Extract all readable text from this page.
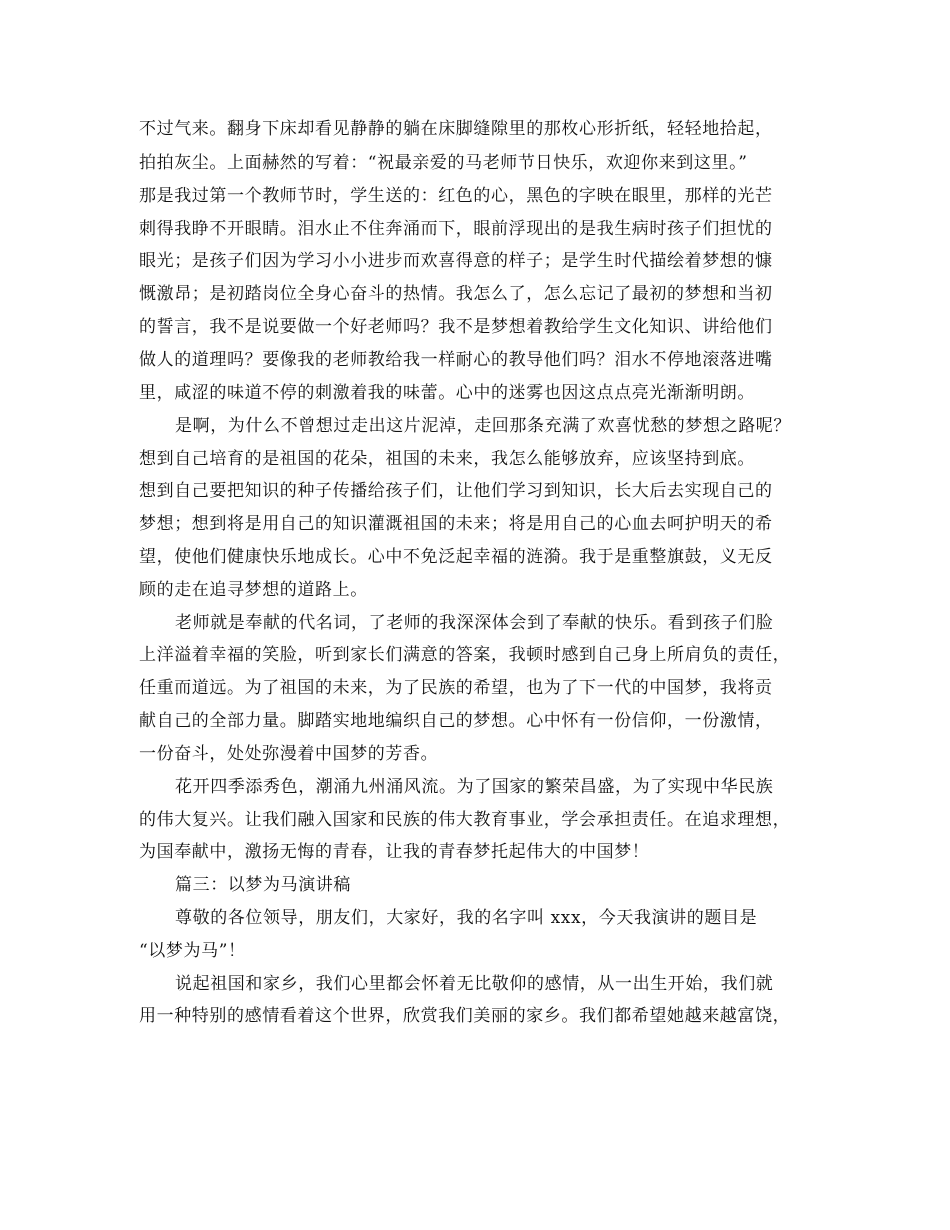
不过气来。翻身下床却看见静静的躺在床脚缝隙里的那枚心形折纸，轻轻地拾起，

拍拍灰尘。上面赫然的写着：“祝最亲爱的马老师节日快乐，欢迎你来到这里。”

那是我过第一个教师节时，学生送的：红色的心，黑色的字映在眼里，那样的光芒

刺得我睁不开眼睛。泪水止不住奔涌而下，眼前浮现出的是我生病时孩子们担忧的

眼光；是孩子们因为学习小小进步而欢喜得意的样子；是学生时代描绘着梦想的慷

慨激昂；是初踏岗位全身心奋斗的热情。我怎么了，怎么忘记了最初的梦想和当初

的誓言，我不是说要做一个好老师吗？我不是梦想着教给学生文化知识、讲给他们

做人的道理吗？要像我的老师教给我一样耐心的教导他们吗？泪水不停地滚落进嘴

里，咸涩的味道不停的刺激着我的味蕾。心中的迷雾也因这点点亮光渐渐明朗。

是啊，为什么不曾想过走出这片泥淖，走回那条充满了欢喜忧愁的梦想之路呢？

想到自己培育的是祖国的花朵，祖国的未来，我怎么能够放弃，应该坚持到底。

想到自己要把知识的种子传播给孩子们，让他们学习到知识，长大后去实现自己的

梦想；想到将是用自己的知识灌溉祖国的未来；将是用自己的心血去呵护明天的希

望，使他们健康快乐地成长。心中不免泛起幸福的涟漪。我于是重整旗鼓，义无反

顾的走在追寻梦想的道路上。

老师就是奉献的代名词，了老师的我深深体会到了奉献的快乐。看到孩子们脸

上洋溢着幸福的笑脸，听到家长们满意的答案，我顿时感到自己身上所肩负的责任，

任重而道远。为了祖国的未来，为了民族的希望，也为了下一代的中国梦，我将贡

献自己的全部力量。脚踏实地地编织自己的梦想。心中怀有一份信仰，一份激情，

一份奋斗，处处弥漫着中国梦的芳香。

花开四季添秀色，潮涌九州涌风流。为了国家的繁荣昌盛，为了实现中华民族

的伟大复兴。让我们融入国家和民族的伟大教育事业，学会承担责任。在追求理想，

为国奉献中，激扬无悔的青春，让我的青春梦托起伟大的中国梦！

篇三：以梦为马演讲稿

尊敬的各位领导，朋友们，大家好，我的名字叫 xxx，今天我演讲的题目是

“以梦为马”！

说起祖国和家乡，我们心里都会怀着无比敬仰的感情，从一出生开始，我们就

用一种特别的感情看着这个世界，欣赏我们美丽的家乡。我们都希望她越来越富饶，
